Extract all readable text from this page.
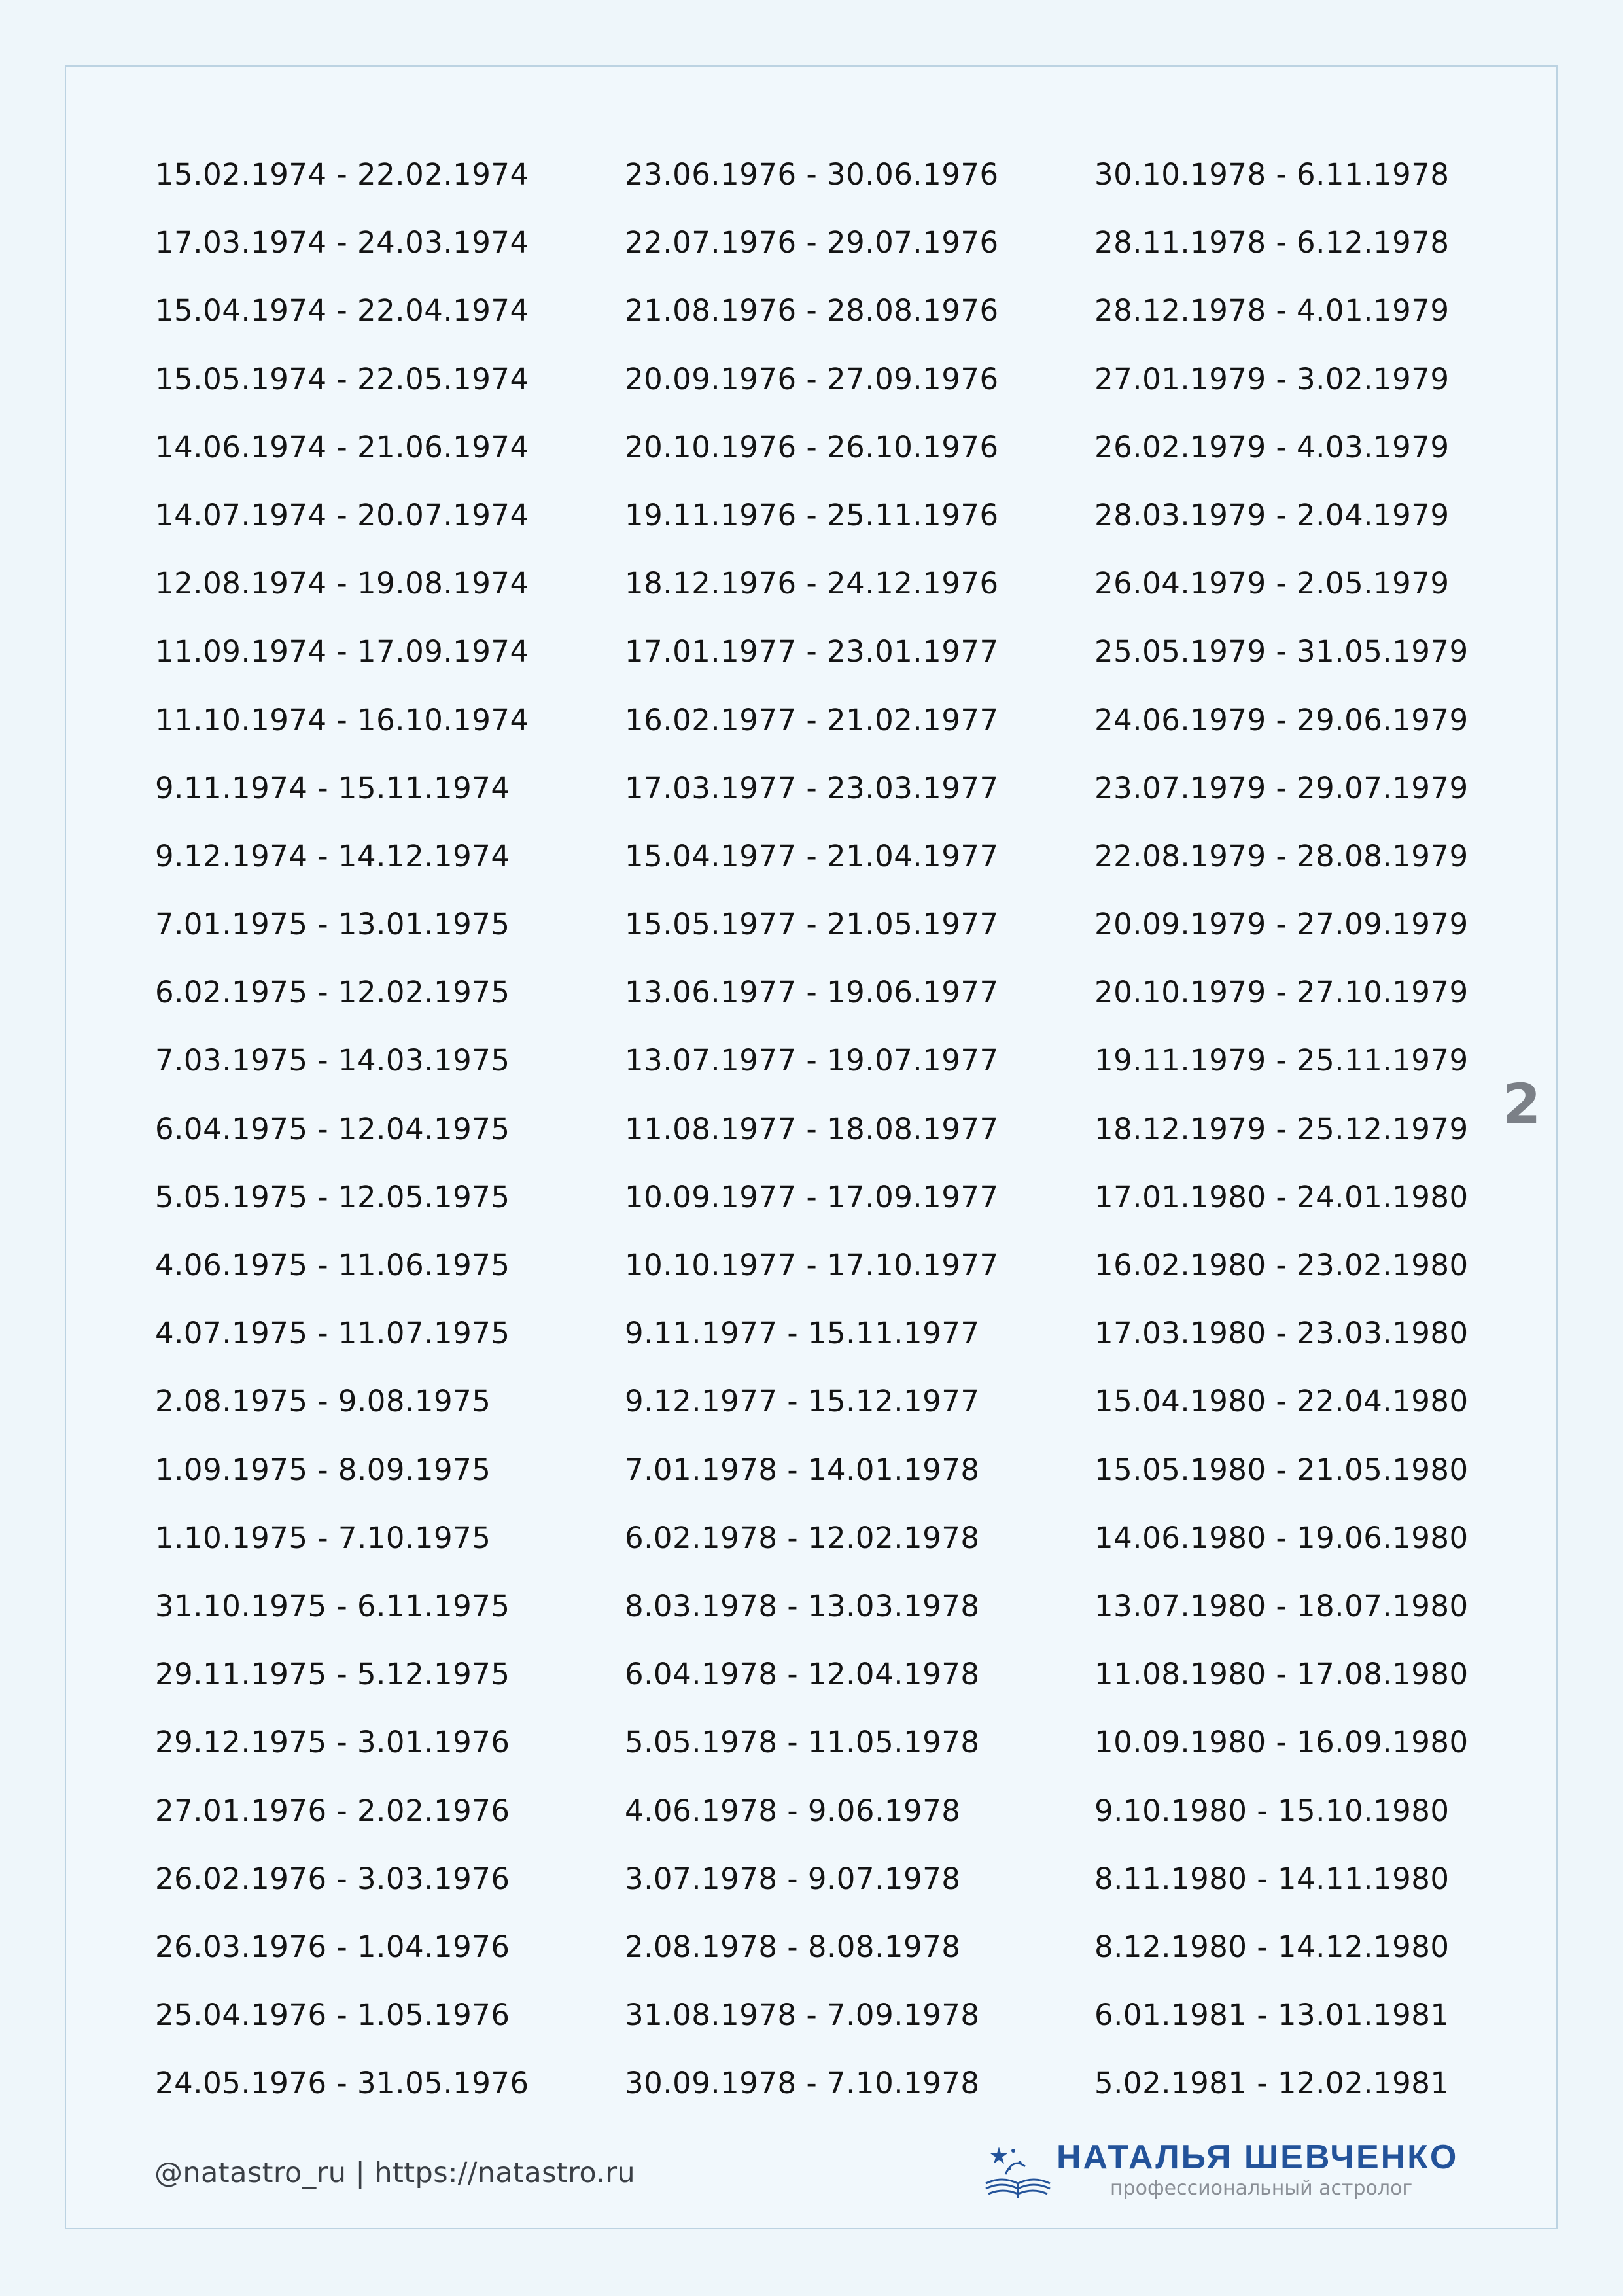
15.02.1974 - 22.02.1974
17.03.1974 - 24.03.1974
15.04.1974 - 22.04.1974
15.05.1974 - 22.05.1974
14.06.1974 - 21.06.1974
14.07.1974 - 20.07.1974
12.08.1974 - 19.08.1974
11.09.1974 - 17.09.1974
11.10.1974 - 16.10.1974
9.11.1974 - 15.11.1974
9.12.1974 - 14.12.1974
7.01.1975 - 13.01.1975
6.02.1975 - 12.02.1975
7.03.1975 - 14.03.1975
6.04.1975 - 12.04.1975
5.05.1975 - 12.05.1975
4.06.1975 - 11.06.1975
4.07.1975 - 11.07.1975
2.08.1975 - 9.08.1975
1.09.1975 - 8.09.1975
1.10.1975 - 7.10.1975
31.10.1975 - 6.11.1975
29.11.1975 - 5.12.1975
29.12.1975 - 3.01.1976
27.01.1976 - 2.02.1976
26.02.1976 - 3.03.1976
26.03.1976 - 1.04.1976
25.04.1976 - 1.05.1976
24.05.1976 - 31.05.1976
23.06.1976 - 30.06.1976
22.07.1976 - 29.07.1976
21.08.1976 - 28.08.1976
20.09.1976 - 27.09.1976
20.10.1976 - 26.10.1976
19.11.1976 - 25.11.1976
18.12.1976 - 24.12.1976
17.01.1977 - 23.01.1977
16.02.1977 - 21.02.1977
17.03.1977 - 23.03.1977
15.04.1977 - 21.04.1977
15.05.1977 - 21.05.1977
13.06.1977 - 19.06.1977
13.07.1977 - 19.07.1977
11.08.1977 - 18.08.1977
10.09.1977 - 17.09.1977
10.10.1977 - 17.10.1977
9.11.1977 - 15.11.1977
9.12.1977 - 15.12.1977
7.01.1978 - 14.01.1978
6.02.1978 - 12.02.1978
8.03.1978 - 13.03.1978
6.04.1978 - 12.04.1978
5.05.1978 - 11.05.1978
4.06.1978 - 9.06.1978
3.07.1978 - 9.07.1978
2.08.1978 - 8.08.1978
31.08.1978 - 7.09.1978
30.09.1978 - 7.10.1978
30.10.1978 - 6.11.1978
28.11.1978 - 6.12.1978
28.12.1978 - 4.01.1979
27.01.1979 - 3.02.1979
26.02.1979 - 4.03.1979
28.03.1979 - 2.04.1979
26.04.1979 - 2.05.1979
25.05.1979 - 31.05.1979
24.06.1979 - 29.06.1979
23.07.1979 - 29.07.1979
22.08.1979 - 28.08.1979
20.09.1979 - 27.09.1979
20.10.1979 - 27.10.1979
19.11.1979 - 25.11.1979
18.12.1979 - 25.12.1979
17.01.1980 - 24.01.1980
16.02.1980 - 23.02.1980
17.03.1980 - 23.03.1980
15.04.1980 - 22.04.1980
15.05.1980 - 21.05.1980
14.06.1980 - 19.06.1980
13.07.1980 - 18.07.1980
11.08.1980 - 17.08.1980
10.09.1980 - 16.09.1980
9.10.1980 - 15.10.1980
8.11.1980 - 14.11.1980
8.12.1980 - 14.12.1980
6.01.1981 - 13.01.1981
5.02.1981 - 12.02.1981
2
@natastro_ru | https://natastro.ru	НАТАЛЬЯ ШЕВЧЕНКО
профессиональный астролог
